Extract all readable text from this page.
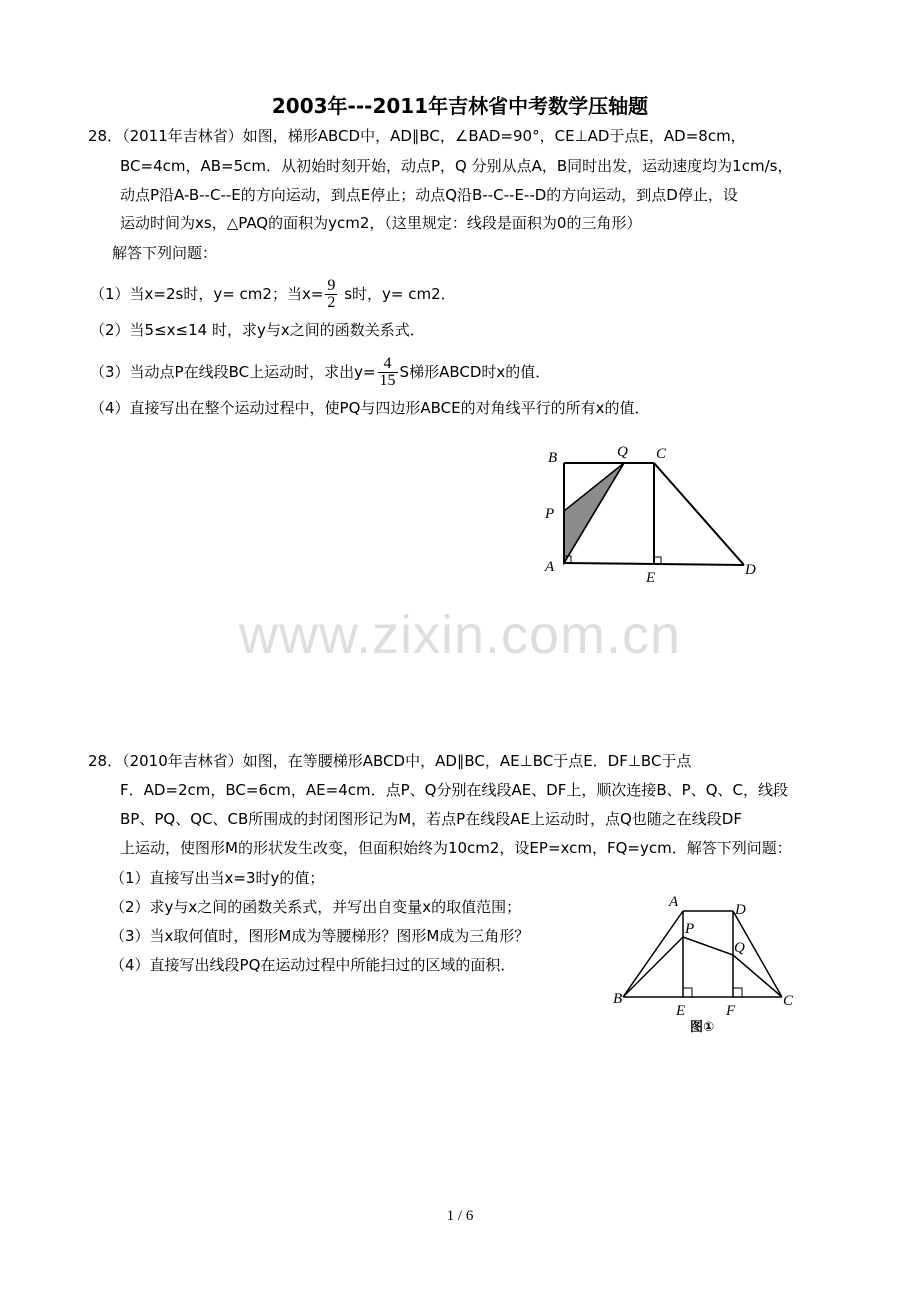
2003年---2011年吉林省中考数学压轴题
28．（2011年吉林省）如图，梯形ABCD中，AD∥BC，∠BAD=90°，CE⊥AD于点E，AD=8cm，
BC=4cm，AB=5cm．从初始时刻开始，动点P，Q 分别从点A，B同时出发，运动速度均为1cm/s，
动点P沿A-B--C--E的方向运动，到点E停止；动点Q沿B--C--E--D的方向运动，到点D停止，设
运动时间为xs，△PAQ的面积为ycm2，（这里规定：线段是面积为0的三角形）
解答下列问题：
（1）当x=2s时，y= cm2；当$x= \frac{9}{2}$ s时，y= cm2．
（2）当5≤x≤14 时，求y与x之间的函数关系式．
（3）当动点P在线段BC上运动时，求出$y= \frac{4}{15}$ S梯形ABCD时x的值．
（4）直接写出在整个运动过程中，使PQ与四边形ABCE的对角线平行的所有x的值．
B	Q C
P
A
E	D
www.zixin.com.cn
28．（2010年吉林省）如图，在等腰梯形ABCD中，AD∥BC，AE⊥BC于点E．DF⊥BC于点
F．AD=2cm，BC=6cm，AE=4cm．点P、Q分别在线段AE、DF上，顺次连接B、P、Q、C，线段
BP、PQ、QC、CB所围成的封闭图形记为M，若点P在线段AE上运动时，点Q也随之在线段DF
上运动，使图形M的形状发生改变，但面积始终为10cm2，设EP=xcm，FQ=ycm．解答下列问题：
（1）直接写出当x=3时y的值；
（2）求y与x之间的函数关系式，并写出自变量x的取值范围；
（3）当x取何值时，图形M成为等腰梯形？图形M成为三角形？
（4）直接写出线段PQ在运动过程中所能扫过的区域的面积．
A	D
P
Q
B
E	F
C
图①
1 / 6
